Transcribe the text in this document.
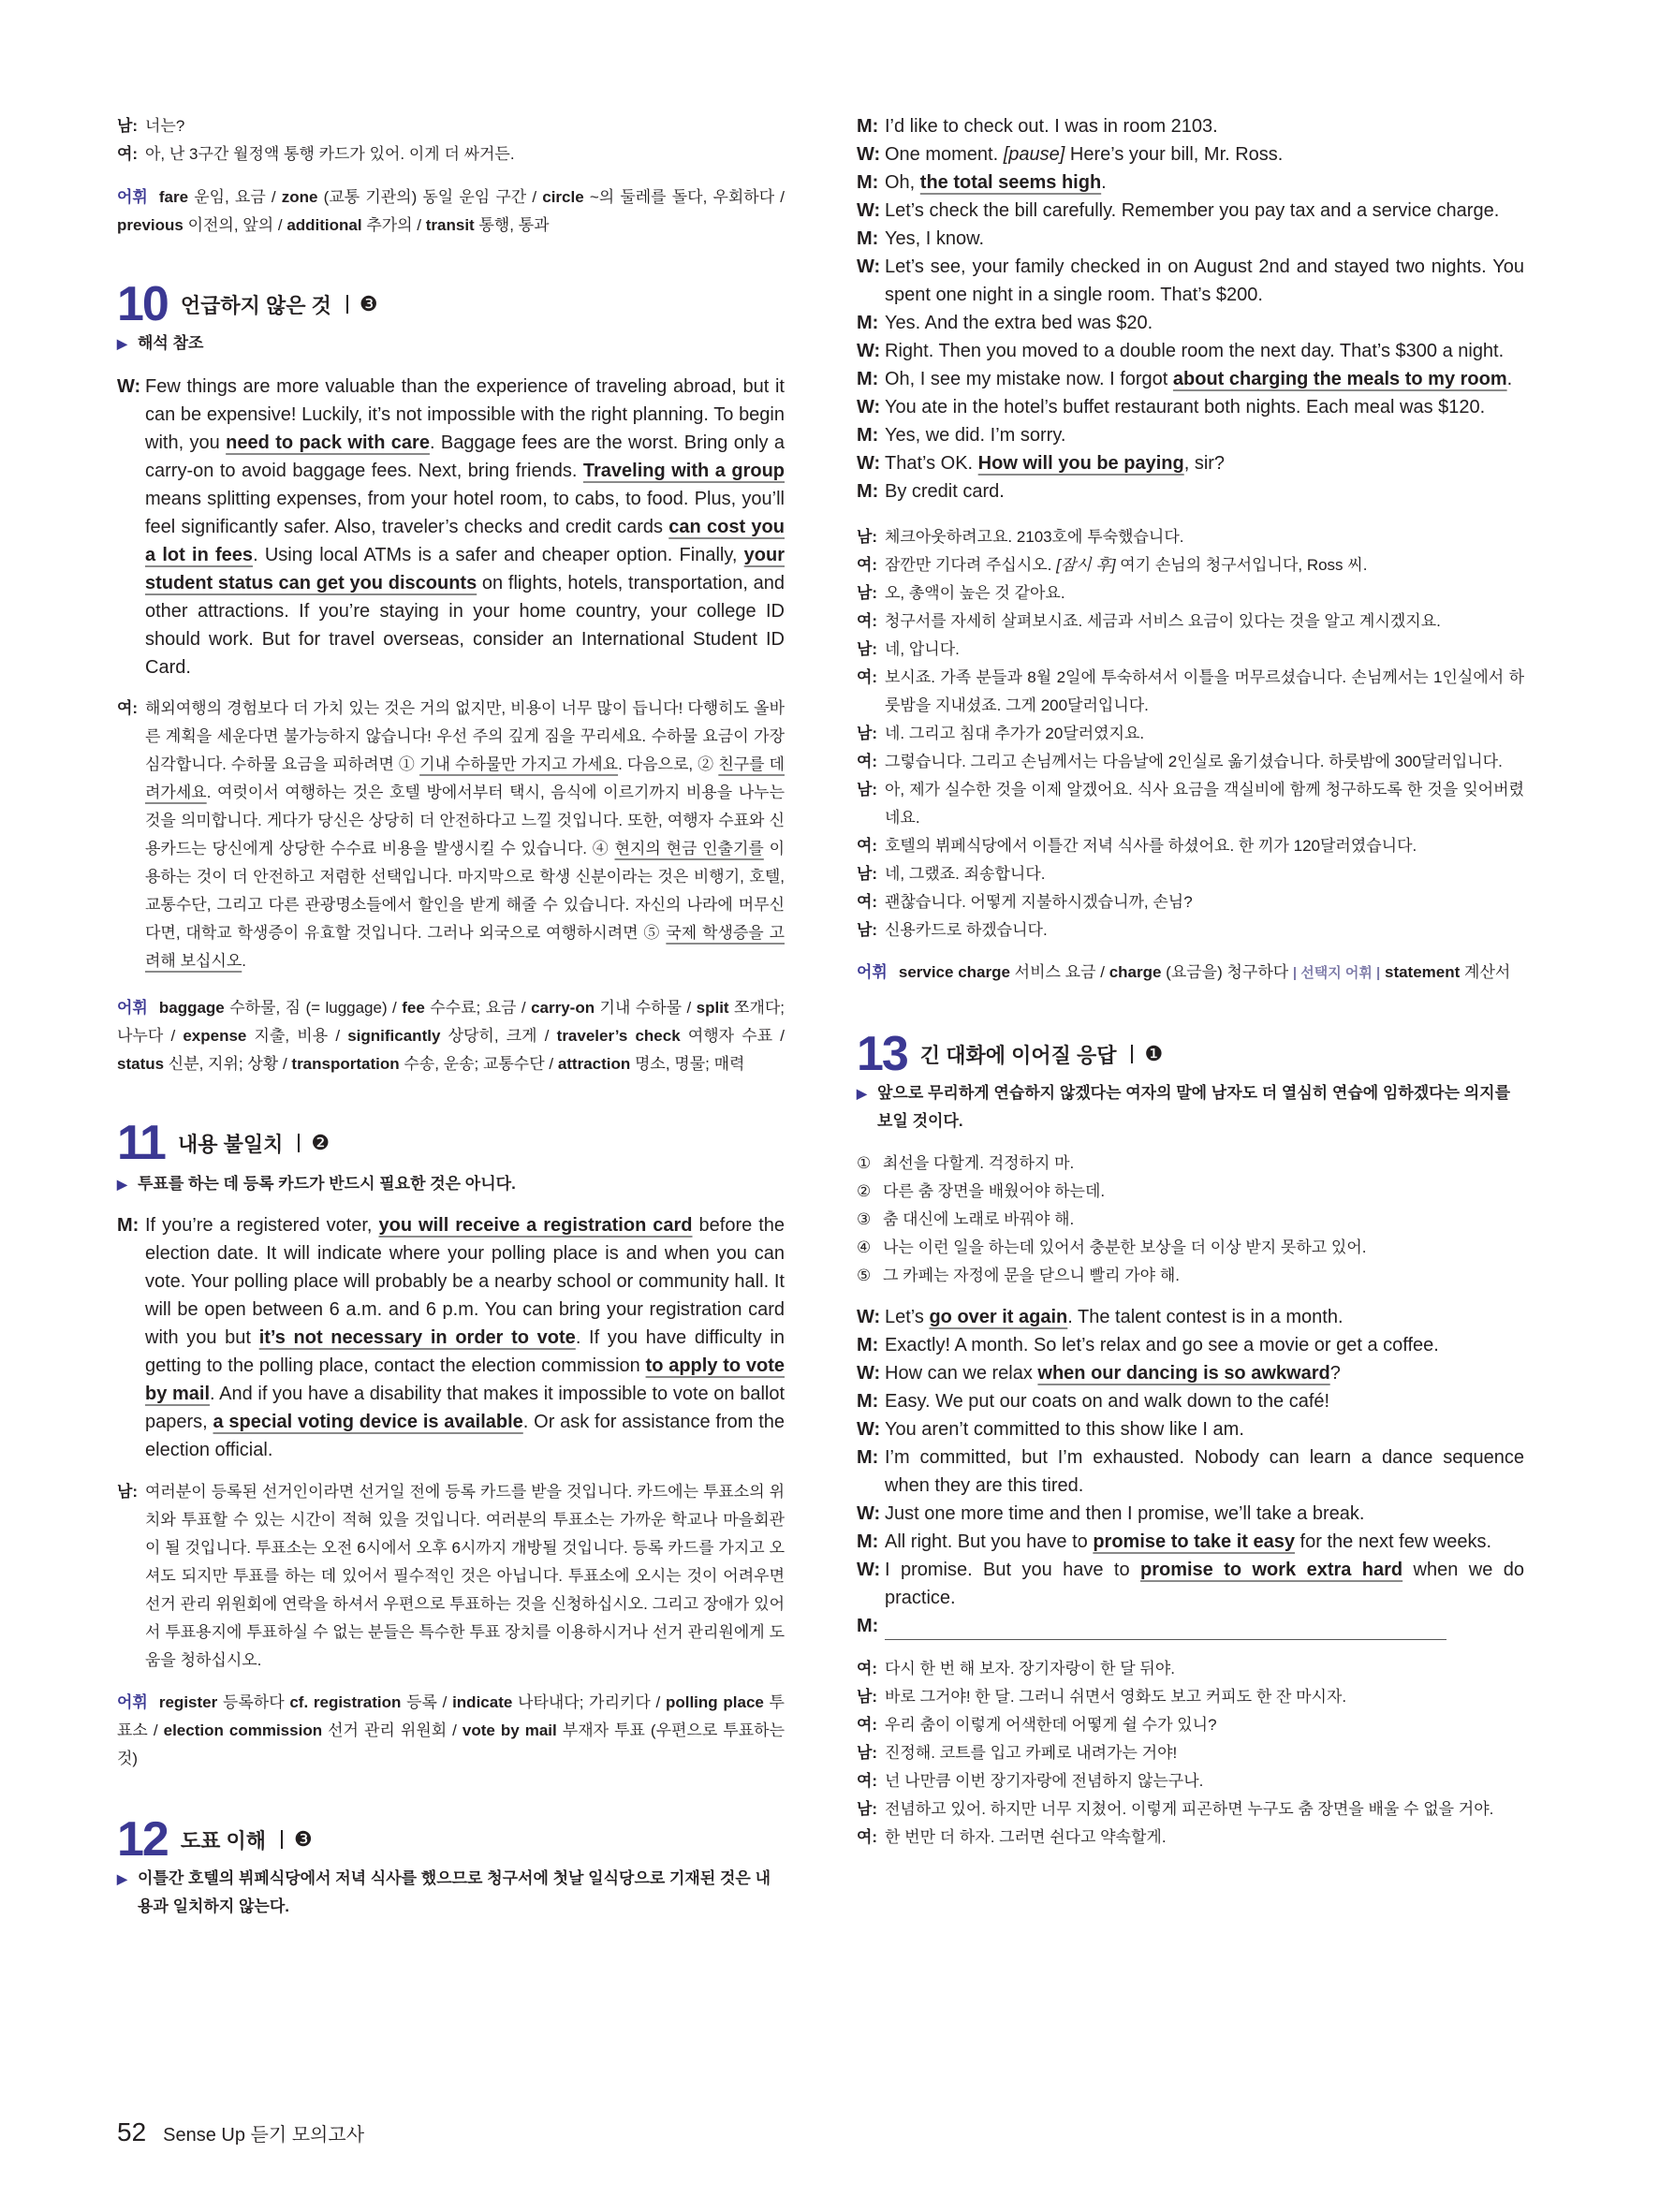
남: 너는?
여: 아, 난 3구간 월정액 통행 카드가 있어. 이게 더 싸거든.

어휘 fare 운임, 요금 / zone (교통 기관의) 동일 운임 구간 / circle ~의 둘레를 돌다, 우회하다 / previous 이전의, 앞의 / additional 추가의 / transit 통행, 통과

10 언급하지 않은 것 ❸
▶
해석 참조
W: Few things are more valuable than the experience of traveling abroad, but it can be expensive! Luckily, it’s not impossible with the right planning. To begin with, you need to pack with care. Baggage fees are the worst. Bring only a carry-on to avoid baggage fees. Next, bring friends. Traveling with a group means splitting expenses, from your hotel room, to cabs, to food. Plus, you’ll feel significantly safer. Also, traveler’s checks and credit cards can cost you a lot in fees. Using local ATMs is a safer and cheaper option. Finally, your student status can get you discounts on flights, hotels, transportation, and other attractions. If you’re staying in your home country, your college ID should work. But for travel overseas, consider an International Student ID Card.
여: 해외여행의 경험보다 더 가치 있는 것은 거의 없지만, 비용이 너무 많이 듭니다! 다행히도 올바른 계획을 세운다면 불가능하지 않습니다! 우선 주의 깊게 짐을 꾸리세요. 수하물 요금이 가장 심각합니다. 수하물 요금을 피하려면 ① 기내 수하물만 가지고 가세요. 다음으로, ② 친구를 데려가세요. 여럿이서 여행하는 것은 호텔 방에서부터 택시, 음식에 이르기까지 비용을 나누는 것을 의미합니다. 게다가 당신은 상당히 더 안전하다고 느낄 것입니다. 또한, 여행자 수표와 신용카드는 당신에게 상당한 수수료 비용을 발생시킬 수 있습니다. ④ 현지의 현금 인출기를 이용하는 것이 더 안전하고 저렴한 선택입니다. 마지막으로 학생 신분이라는 것은 비행기, 호텔, 교통수단, 그리고 다른 관광명소들에서 할인을 받게 해줄 수 있습니다. 자신의 나라에 머무신다면, 대학교 학생증이 유효할 것입니다. 그러나 외국으로 여행하시려면 ⑤ 국제 학생증을 고려해 보십시오.

어휘 baggage 수하물, 짐 (= luggage) / fee 수수료; 요금 / carry-on 기내 수하물 / split 쪼개다; 나누다 / expense 지출, 비용 / significantly 상당히, 크게 / traveler’s check 여행자 수표 / status 신분, 지위; 상황 / transportation 수송, 운송; 교통수단 / attraction 명소, 명물; 매력

11 내용 불일치 ❷
▶
투표를 하는 데 등록 카드가 반드시 필요한 것은 아니다.
M: If you’re a registered voter, you will receive a registration card before the election date. It will indicate where your polling place is and when you can vote. Your polling place will probably be a nearby school or community hall. It will be open between 6 a.m. and 6 p.m. You can bring your registration card with you but it’s not necessary in order to vote. If you have difficulty in getting to the polling place, contact the election commission to apply to vote by mail. And if you have a disability that makes it impossible to vote on ballot papers, a special voting device is available. Or ask for assistance from the election official.
남: 여러분이 등록된 선거인이라면 선거일 전에 등록 카드를 받을 것입니다. 카드에는 투표소의 위치와 투표할 수 있는 시간이 적혀 있을 것입니다. 여러분의 투표소는 가까운 학교나 마을회관이 될 것입니다. 투표소는 오전 6시에서 오후 6시까지 개방될 것입니다. 등록 카드를 가지고 오셔도 되지만 투표를 하는 데 있어서 필수적인 것은 아닙니다. 투표소에 오시는 것이 어려우면 선거 관리 위원회에 연락을 하셔서 우편으로 투표하는 것을 신청하십시오. 그리고 장애가 있어서 투표용지에 투표하실 수 없는 분들은 특수한 투표 장치를 이용하시거나 선거 관리원에게 도움을 청하십시오.

어휘 register 등록하다 cf. registration 등록 / indicate 나타내다; 가리키다 / polling place 투표소 / election commission 선거 관리 위원회 / vote by mail 부재자 투표 (우편으로 투표하는 것)

12 도표 이해 ❸
▶
이틀간 호텔의 뷔페식당에서 저녁 식사를 했으므로 청구서에 첫날 일식당으로 기재된 것은 내용과 일치하지 않는다.
M: I’d like to check out. I was in room 2103.
W: One moment. [pause] Here’s your bill, Mr. Ross.
M: Oh, the total seems high.
W: Let’s check the bill carefully. Remember you pay tax and a service charge.
M: Yes, I know.
W: Let’s see, your family checked in on August 2nd and stayed two nights. You spent one night in a single room. That’s $200.
M: Yes. And the extra bed was $20.
W: Right. Then you moved to a double room the next day. That’s $300 a night.
M: Oh, I see my mistake now. I forgot about charging the meals to my room.
W: You ate in the hotel’s buffet restaurant both nights. Each meal was $120.
M: Yes, we did. I’m sorry.
W: That’s OK. How will you be paying, sir?
M: By credit card.
남: 체크아웃하려고요. 2103호에 투숙했습니다.
여: 잠깐만 기다려 주십시오. [잠시 후] 여기 손님의 청구서입니다, Ross 씨.
남: 오, 총액이 높은 것 같아요.
여: 청구서를 자세히 살펴보시죠. 세금과 서비스 요금이 있다는 것을 알고 계시겠지요.
남: 네, 압니다.
여: 보시죠. 가족 분들과 8월 2일에 투숙하셔서 이틀을 머무르셨습니다. 손님께서는 1인실에서 하룻밤을 지내셨죠. 그게 200달러입니다.
남: 네. 그리고 침대 추가가 20달러였지요.
여: 그렇습니다. 그리고 손님께서는 다음날에 2인실로 옮기셨습니다. 하룻밤에 300달러입니다.
남: 아, 제가 실수한 것을 이제 알겠어요. 식사 요금을 객실비에 함께 청구하도록 한 것을 잊어버렸네요.
여: 호텔의 뷔페식당에서 이틀간 저녁 식사를 하셨어요. 한 끼가 120달러였습니다.
남: 네, 그랬죠. 죄송합니다.
여: 괜찮습니다. 어떻게 지불하시겠습니까, 손님?
남: 신용카드로 하겠습니다.

어휘 service charge 서비스 요금 / charge (요금을) 청구하다 | 선택지 어휘 | statement 계산서

13 긴 대화에 이어질 응답 ❶
▶
앞으로 무리하게 연습하지 않겠다는 여자의 말에 남자도 더 열심히 연습에 임하겠다는 의지를 보일 것이다.
① 최선을 다할게. 걱정하지 마.
② 다른 춤 장면을 배웠어야 하는데.
③ 춤 대신에 노래로 바꿔야 해.
④ 나는 이런 일을 하는데 있어서 충분한 보상을 더 이상 받지 못하고 있어.
⑤ 그 카페는 자정에 문을 닫으니 빨리 가야 해.
W: Let’s go over it again. The talent contest is in a month.
M: Exactly! A month. So let’s relax and go see a movie or get a coffee.
W: How can we relax when our dancing is so awkward?
M: Easy. We put our coats on and walk down to the café!
W: You aren’t committed to this show like I am.
M: I’m committed, but I’m exhausted. Nobody can learn a dance sequence when they are this tired.
W: Just one more time and then I promise, we’ll take a break.
M: All right. But you have to promise to take it easy for the next few weeks.
W: I promise. But you have to promise to work extra hard when we do practice.
M:
여: 다시 한 번 해 보자. 장기자랑이 한 달 뒤야.
남: 바로 그거야! 한 달. 그러니 쉬면서 영화도 보고 커피도 한 잔 마시자.
여: 우리 춤이 이렇게 어색한데 어떻게 쉴 수가 있니?
남: 진정해. 코트를 입고 카페로 내려가는 거야!
여: 넌 나만큼 이번 장기자랑에 전념하지 않는구나.
남: 전념하고 있어. 하지만 너무 지쳤어. 이렇게 피곤하면 누구도 춤 장면을 배울 수 없을 거야.
여: 한 번만 더 하자. 그러면 쉰다고 약속할게.
52 Sense Up 듣기 모의고사
